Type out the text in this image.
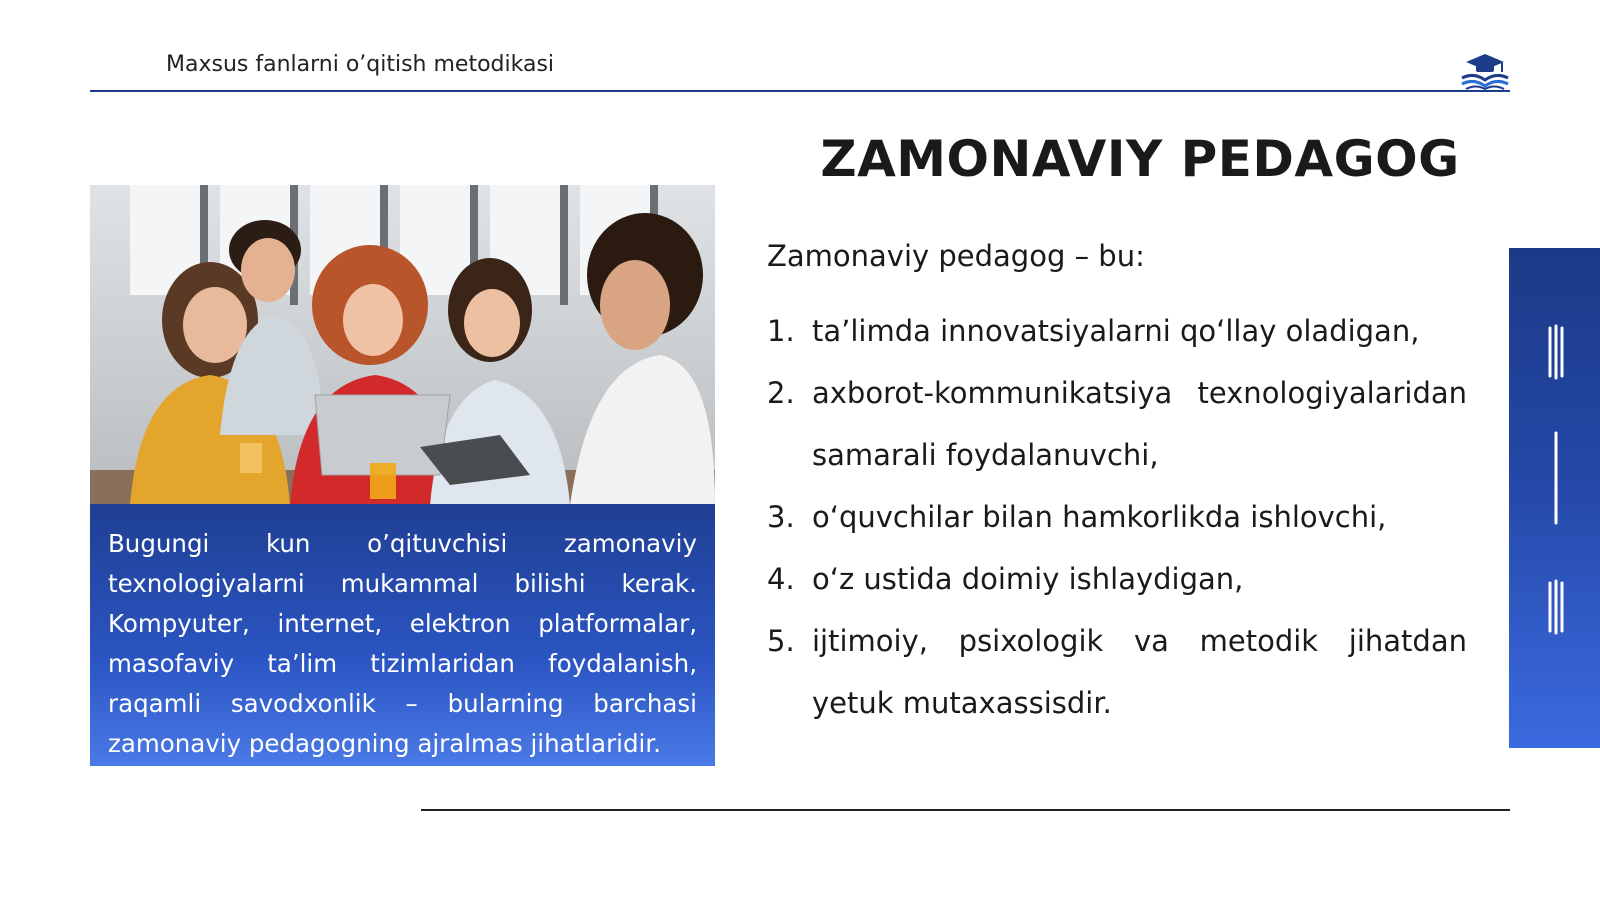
Maxsus fanlarni o’qitish metodikasi
Bugungi kun o’qituvchisi zamonaviy texnologiyalarni mukammal bilishi kerak. Kompyuter, internet, elektron platformalar, masofaviy ta’lim tizimlaridan foydalanish, raqamli savodxonlik – bularning barchasi zamonaviy pedagogning ajralmas jihatlaridir.
ZAMONAVIY PEDAGOG
Zamonaviy pedagog – bu:
1. ta’limda innovatsiyalarni qo‘llay oladigan,
2. axborot-kommunikatsiya texnologiyalaridan samarali foydalanuvchi,
3. o‘quvchilar bilan hamkorlikda ishlovchi,
4. o‘z ustida doimiy ishlaydigan,
5. ijtimoiy, psixologik va metodik jihatdan yetuk mutaxassisdir.
